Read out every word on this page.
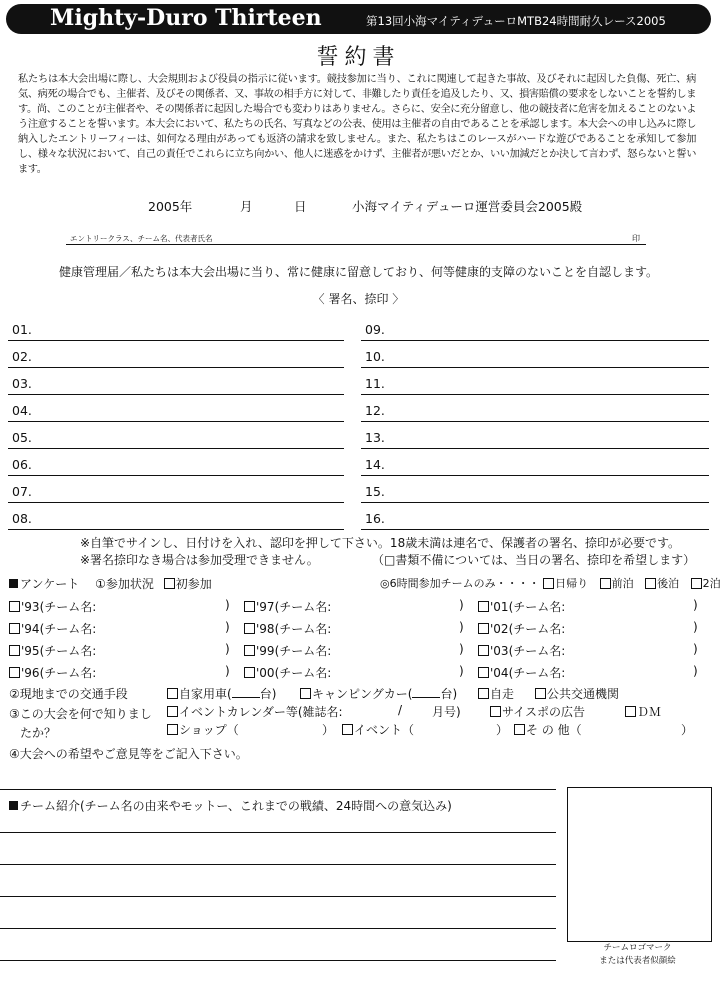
Mighty-Duro Thirteen	第13回小海マイティデューロMTB24時間耐久レース2005
誓約書
私たちは本大会出場に際し、大会規則および役員の指示に従います。競技参加に当り、これに関連して起きた事故、及びそれに起因した負傷、死亡、病気、病死の場合でも、主催者、及びその関係者、又、事故の相手方に対して、非難したり責任を追及したり、又、損害賠償の要求をしないことを誓約します。尚、このことが主催者や、その関係者に起因した場合でも変わりはありません。さらに、安全に充分留意し、他の競技者に危害を加えることのないよう注意することを誓います。本大会において、私たちの氏名、写真などの公表、使用は主催者の自由であることを承認します。本大会への申し込みに際し納入したエントリーフィーは、如何なる理由があっても返済の請求を致しません。また、私たちはこのレースがハードな遊びであることを承知して参加し、様々な状況において、自己の責任でこれらに立ち向かい、他人に迷惑をかけず、主催者が悪いだとか、いい加減だとか決して言わず、怒らないと誓います。
2005年	月	日	小海マイティデューロ運営委員会2005殿
エントリークラス、チーム名、代表者氏名	印
健康管理届／私たちは本大会出場に当り、常に健康に留意しており、何等健康的支障のないことを自認します。
〈 署名、捺印 〉
01.
02.
03.
04.
05.
06.
07.
08.
09.
10.
11.
12.
13.
14.
15.
16.
※自筆でサインし、日付けを入れ、認印を押して下さい。18歳未満は連名で、保護者の署名、捺印が必要です。
※署名捺印なき場合は参加受理できません。	（□書類不備については、当日の署名、捺印を希望します）
アンケート ①参加状況 初参加	◎6時間参加チームのみ・・・・ 日帰り 前泊 後泊 2泊
'93(チーム名:	)	'97(チーム名:	)	'01(チーム名:	)
'94(チーム名:	)	'98(チーム名:	)	'02(チーム名:	)
'95(チーム名:	)	'99(チーム名:	)	'03(チーム名:	)
'96(チーム名:	)	'00(チーム名:	)	'04(チーム名:	)
②現地までの交通手段	自家用車( 台)	キャンピングカー( 台)	自走	公共交通機関
③この大会を何で知りまし
たか？
イベントカレンダー等(雑誌名:	/ 月号)	サイスポの広告	ＤＭ
ショップ（	）	イベント（	）	そ の 他（	）
④大会への希望やご意見等をご記入下さい。
チーム紹介(チーム名の由来やモットー、これまでの戦績、24時間への意気込み)
チームロゴマーク
または代表者似顔絵
